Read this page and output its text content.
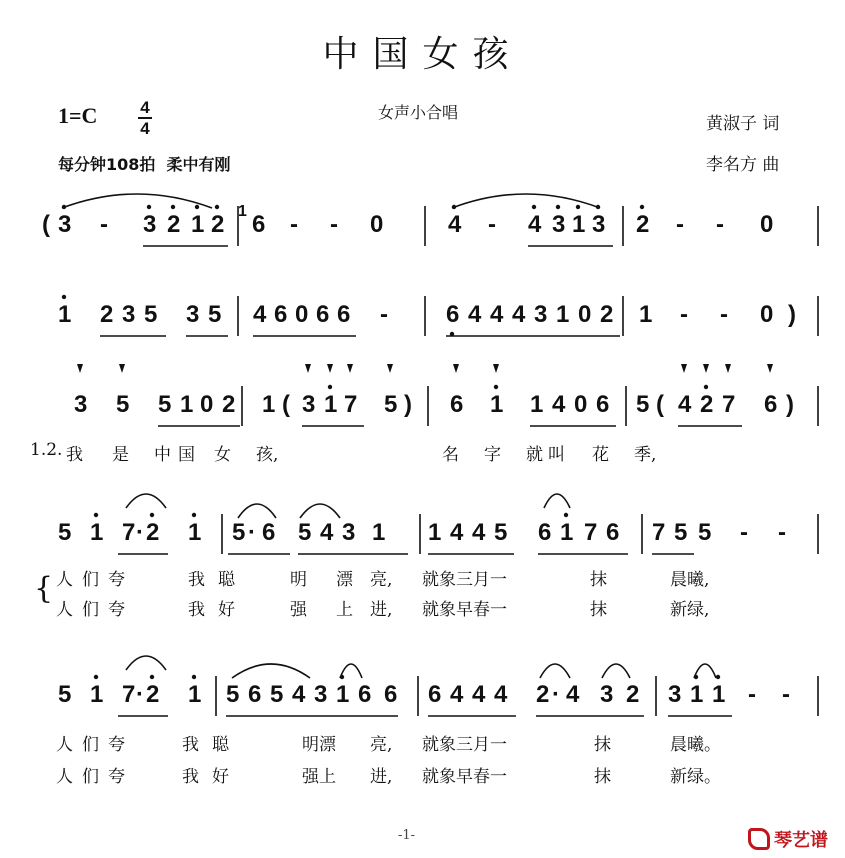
中国女孩
1=C	4
4
女声小合唱
黄淑子 词
每分钟108拍 柔中有刚	李名方 曲
( 3 - 3 2 1 2 6 - - 0	4 - 4 3 1 3 2 - - 0
1
1 2 3 5 3 5 4 6 0 6 6 - 6 4 4 4 3 1 0 2 1 - - 0 )
3 5 5 1 0 2 1 ( 3 1 7 5 ) 6 1 1 4 0 6 5 ( 4 2 7 6 )
5 1 7 · 2 1 5 · 6 5 4 3 1 1 4 4 5 6 1 7 6 7 5 5 - -
5 1 7 · 2 1 5 6 5 4 3 1 6 6 6 4 4 4 2 · 4 3 2 3 1 1 - -
1.2. 我 是 中 国 女 孩,	名 字 就 叫 花 季,
人 们 夸	我 聪	明 漂 亮, 就象三月一	抹	晨曦,
人 们 夸	我 好	强 上 进, 就象早春一	抹	新绿,
人 们 夸	我 聪	明漂 亮, 就象三月一	抹	晨曦。
人 们 夸	我 好	强上 进, 就象早春一	抹	新绿。
{
-1-	琴艺谱
